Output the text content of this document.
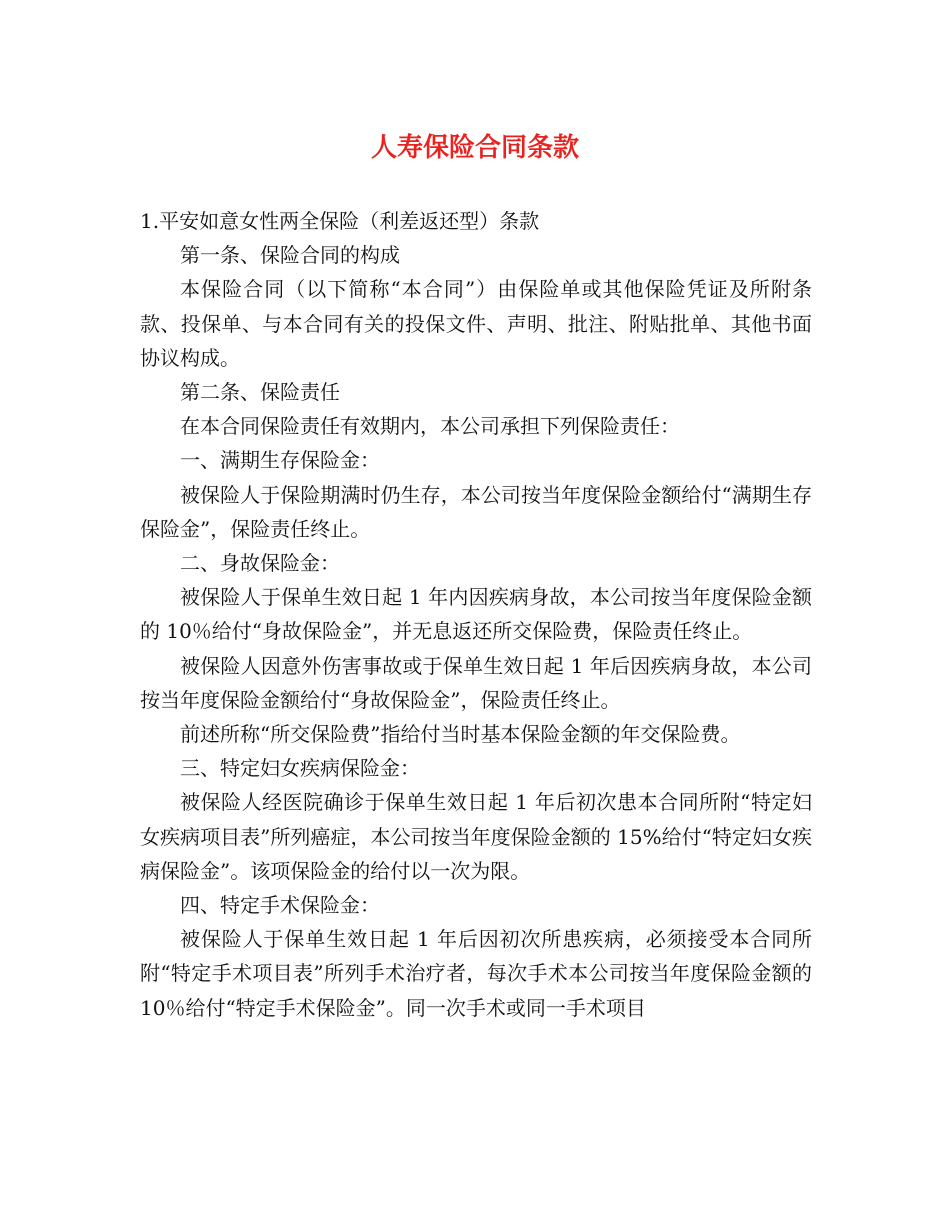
人寿保险合同条款

1.平安如意女性两全保险（利差返还型）条款

第一条、保险合同的构成

本保险合同（以下简称“本合同”）由保险单或其他保险凭证及所附条款、投保单、与本合同有关的投保文件、声明、批注、附贴批单、其他书面协议构成。

第二条、保险责任

在本合同保险责任有效期内，本公司承担下列保险责任：

一、满期生存保险金：

被保险人于保险期满时仍生存，本公司按当年度保险金额给付“满期生存保险金”，保险责任终止。

二、身故保险金：

被保险人于保单生效日起 1 年内因疾病身故，本公司按当年度保险金额的 10％给付“身故保险金”，并无息返还所交保险费，保险责任终止。

被保险人因意外伤害事故或于保单生效日起 1 年后因疾病身故，本公司按当年度保险金额给付“身故保险金”，保险责任终止。

前述所称“所交保险费”指给付当时基本保险金额的年交保险费。

三、特定妇女疾病保险金：

被保险人经医院确诊于保单生效日起 1 年后初次患本合同所附“特定妇女疾病项目表”所列癌症，本公司按当年度保险金额的 15%给付“特定妇女疾病保险金”。该项保险金的给付以一次为限。

四、特定手术保险金：

被保险人于保单生效日起 1 年后因初次所患疾病，必须接受本合同所附“特定手术项目表”所列手术治疗者，每次手术本公司按当年度保险金额的 10％给付“特定手术保险金”。同一次手术或同一手术项目
